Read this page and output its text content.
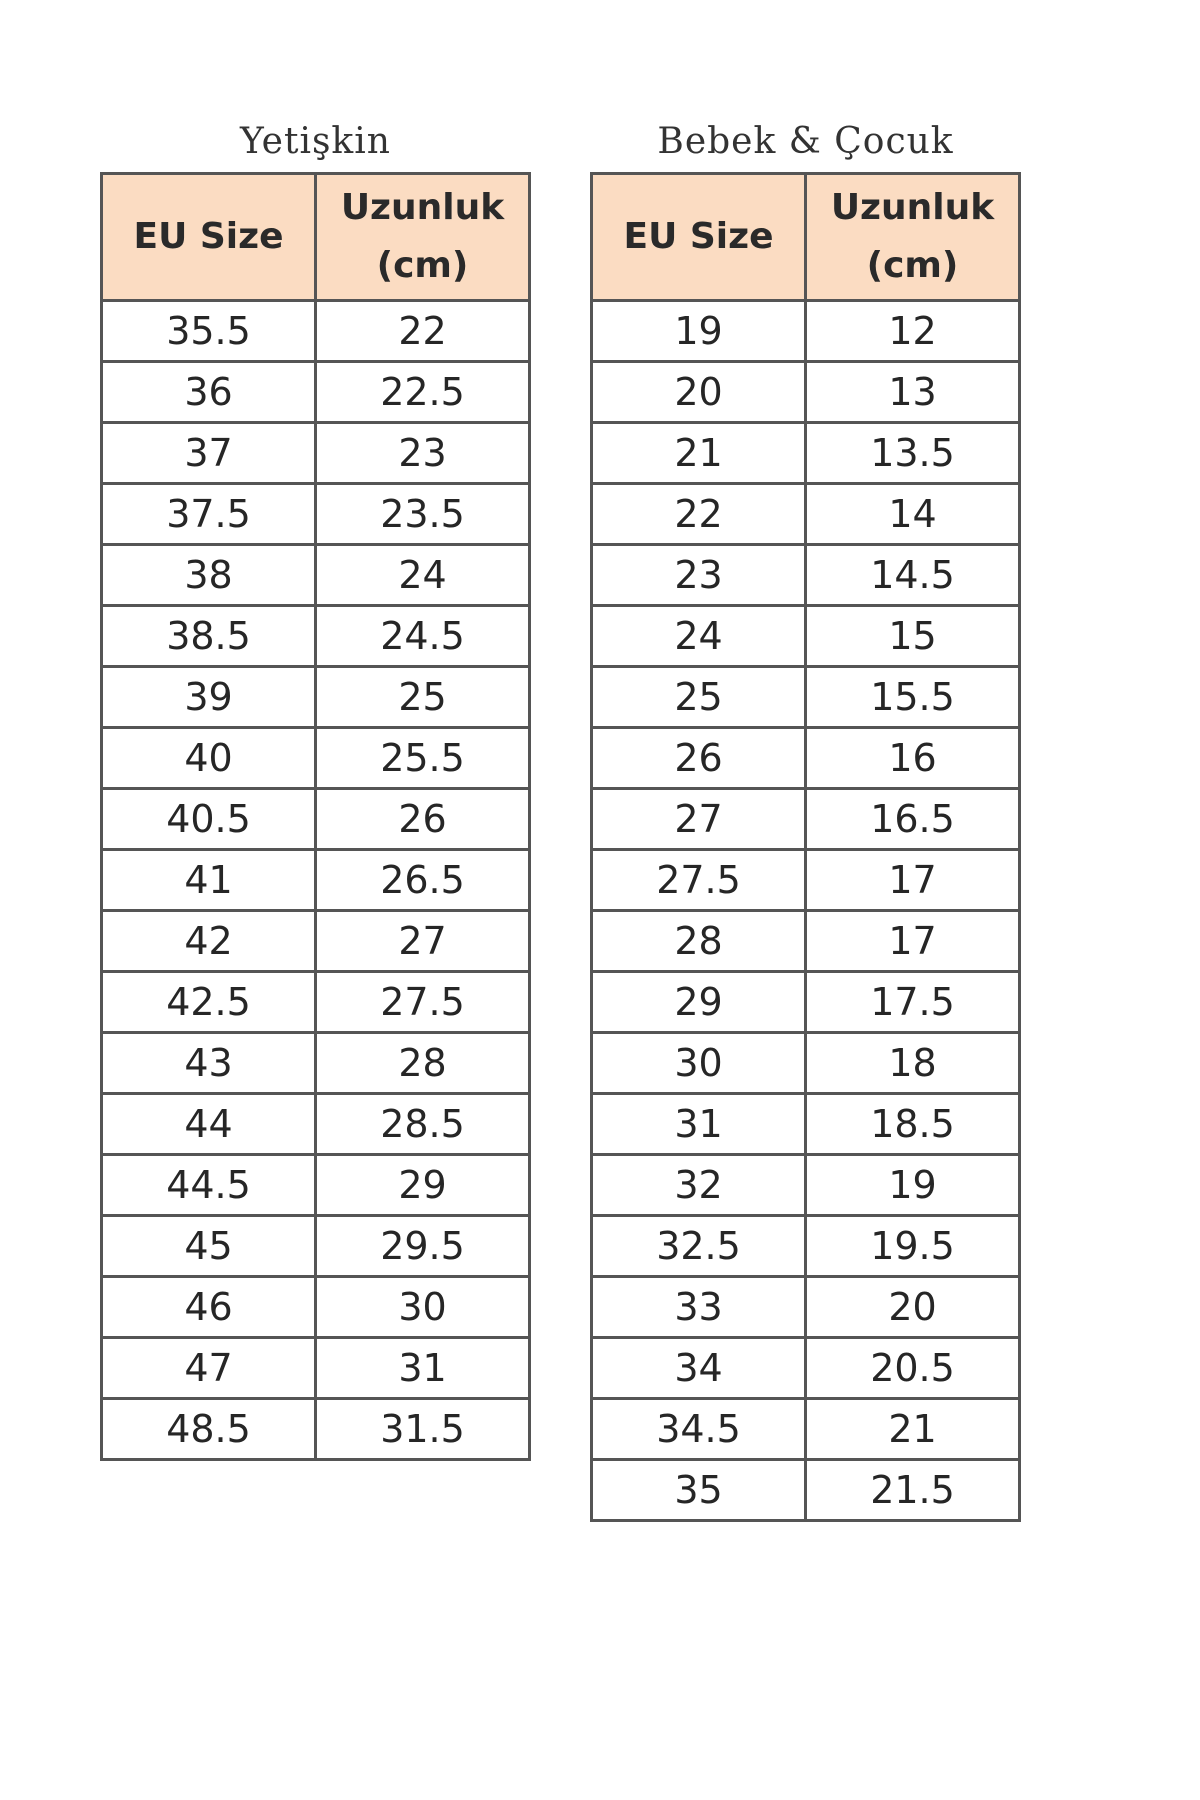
Yetişkin
EU Size	Uzunluk
(cm)

35.5	22
36	22.5
37	23
37.5	23.5
38	24
38.5	24.5
39	25
40	25.5
40.5	26
41	26.5
42	27
42.5	27.5
43	28
44	28.5
44.5	29
45	29.5
46	30
47	31
48.5	31.5
Bebek & Çocuk
EU Size	Uzunluk
(cm)

19	12
20	13
21	13.5
22	14
23	14.5
24	15
25	15.5
26	16
27	16.5
27.5	17
28	17
29	17.5
30	18
31	18.5
32	19
32.5	19.5
33	20
34	20.5
34.5	21
35	21.5
